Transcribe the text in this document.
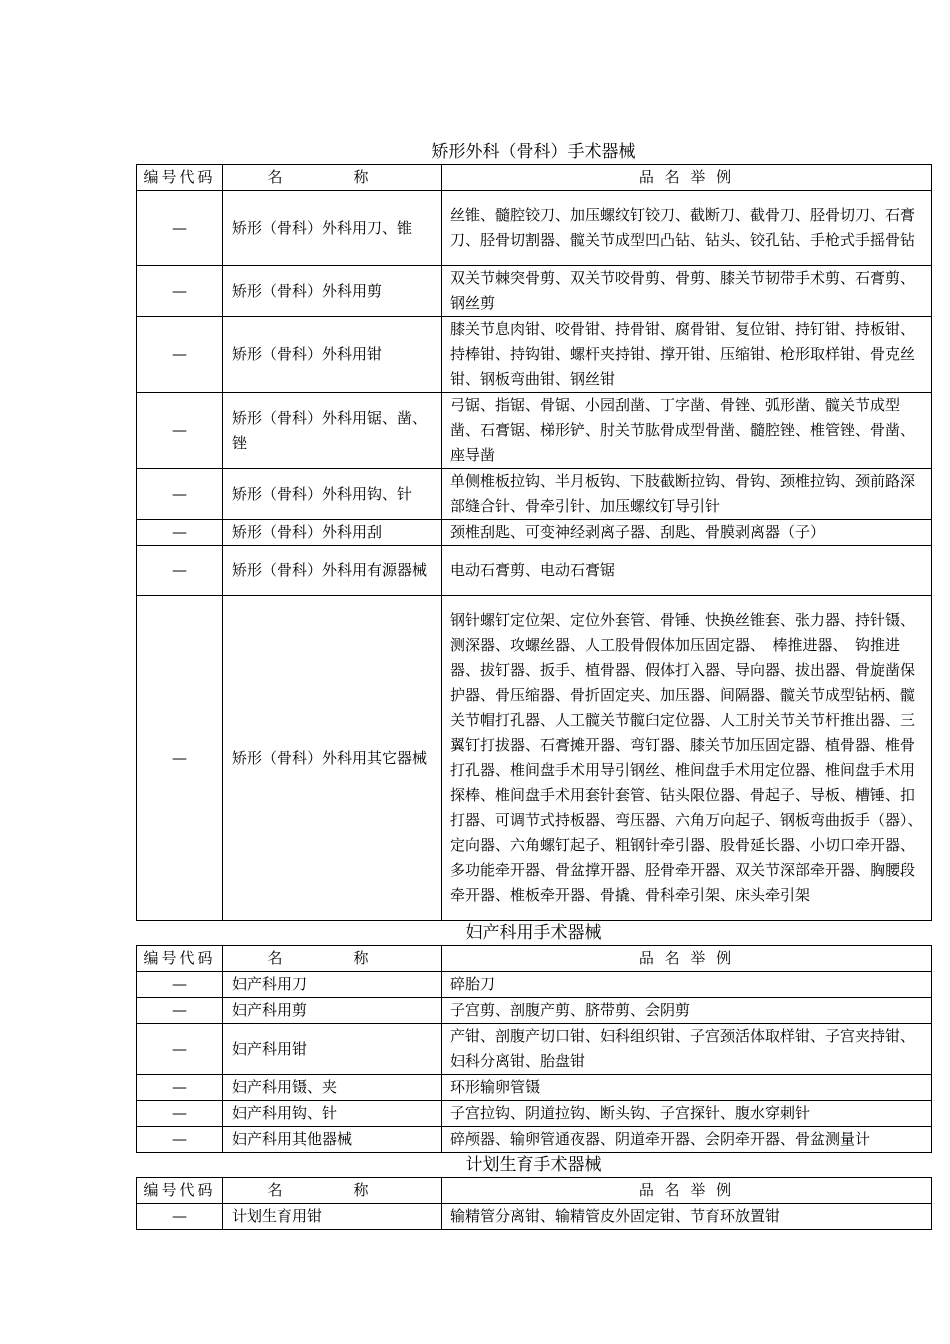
矫形外科（骨科）手术器械
编号代码	名　称	品 名 举 例
—	矫形（骨科）外科用刀、锥	丝锥、髓腔铰刀、加压螺纹钉铰刀、截断刀、截骨刀、胫骨切刀、石膏刀、胫骨切割器、髋关节成型凹凸钻、钻头、铰孔钻、手枪式手摇骨钻
—	矫形（骨科）外科用剪	双关节棘突骨剪、双关节咬骨剪、骨剪、膝关节韧带手术剪、石膏剪、钢丝剪
—	矫形（骨科）外科用钳	膝关节息肉钳、咬骨钳、持骨钳、腐骨钳、复位钳、持钉钳、持板钳、持棒钳、持钩钳、螺杆夹持钳、撑开钳、压缩钳、枪形取样钳、骨克丝钳、钢板弯曲钳、钢丝钳
—	矫形（骨科）外科用锯、凿、锉	弓锯、指锯、骨锯、小园刮凿、丁字凿、骨锉、弧形凿、髋关节成型凿、石膏锯、梯形铲、肘关节肱骨成型骨凿、髓腔锉、椎管锉、骨凿、座导凿
—	矫形（骨科）外科用钩、针	单侧椎板拉钩、半月板钩、下肢截断拉钩、骨钩、颈椎拉钩、颈前路深部缝合针、骨牵引针、加压螺纹钉导引针
—	矫形（骨科）外科用刮	颈椎刮匙、可变神经剥离子器、刮匙、骨膜剥离器（子）
—	矫形（骨科）外科用有源器械	电动石膏剪、电动石膏锯
—	矫形（骨科）外科用其它器械	钢针螺钉定位架、定位外套管、骨锤、快换丝锥套、张力器、持针镊、测深器、攻螺丝器、人工股骨假体加压固定器、　棒推进器、　钩推进器、拔钉器、扳手、植骨器、假体打入器、导向器、拔出器、骨旋凿保护器、骨压缩器、骨折固定夹、加压器、间隔器、髋关节成型钻柄、髋关节帽打孔器、人工髋关节髋臼定位器、人工肘关节关节杆推出器、三翼钉打拔器、石膏摊开器、弯钉器、膝关节加压固定器、植骨器、椎骨打孔器、椎间盘手术用导引钢丝、椎间盘手术用定位器、椎间盘手术用探棒、椎间盘手术用套针套管、钻头限位器、骨起子、导板、槽锤、扣打器、可调节式持板器、弯压器、六角万向起子、钢板弯曲扳手（器）、定向器、六角螺钉起子、粗钢针牵引器、股骨延长器、小切口牵开器、多功能牵开器、骨盆撑开器、胫骨牵开器、双关节深部牵开器、胸腰段牵开器、椎板牵开器、骨撬、骨科牵引架、床头牵引架
妇产科用手术器械
编号代码	名　称	品 名 举 例
—	妇产科用刀	碎胎刀
—	妇产科用剪	子宫剪、剖腹产剪、脐带剪、会阴剪
—	妇产科用钳	产钳、剖腹产切口钳、妇科组织钳、子宫颈活体取样钳、子宫夹持钳、妇科分离钳、胎盘钳
—	妇产科用镊、夹	环形输卵管镊
—	妇产科用钩、针	子宫拉钩、阴道拉钩、断头钩、子宫探针、腹水穿刺针
—	妇产科用其他器械	碎颅器、输卵管通夜器、阴道牵开器、会阴牵开器、骨盆测量计
计划生育手术器械
编号代码	名　称	品 名 举 例
—	计划生育用钳	输精管分离钳、输精管皮外固定钳、节育环放置钳
